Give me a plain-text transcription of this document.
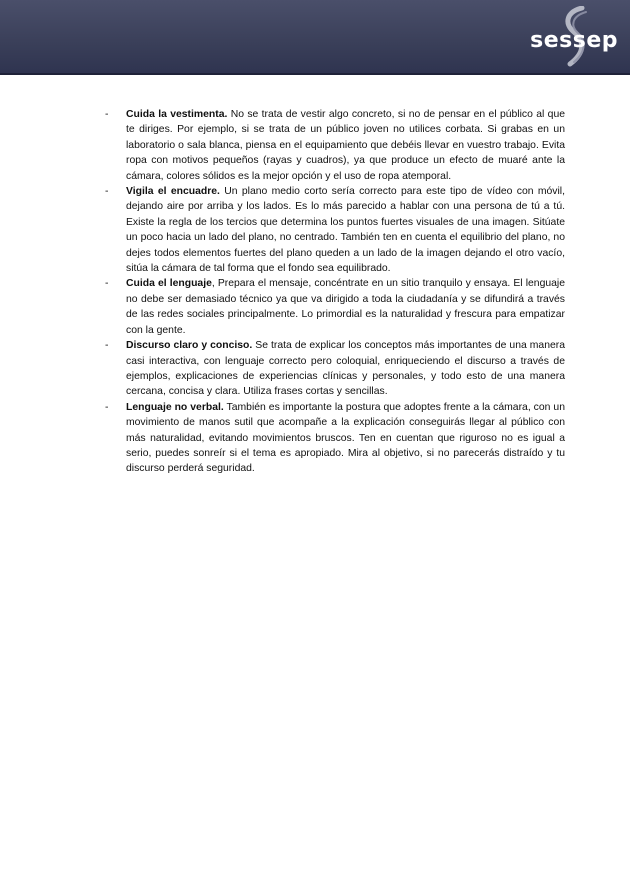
sessep
- Cuida la vestimenta. No se trata de vestir algo concreto, si no de pensar en el público al que te diriges. Por ejemplo, si se trata de un público joven no utilices corbata. Si grabas en un laboratorio o sala blanca, piensa en el equipamiento que debéis llevar en vuestro trabajo. Evita ropa con motivos pequeños (rayas y cuadros), ya que produce un efecto de muaré ante la cámara, colores sólidos es la mejor opción y el uso de ropa atemporal.
- Vigila el encuadre. Un plano medio corto sería correcto para este tipo de vídeo con móvil, dejando aire por arriba y los lados. Es lo más parecido a hablar con una persona de tú a tú. Existe la regla de los tercios que determina los puntos fuertes visuales de una imagen. Sitúate un poco hacia un lado del plano, no centrado. También ten en cuenta el equilibrio del plano, no dejes todos elementos fuertes del plano queden a un lado de la imagen dejando el otro vacío, sitúa la cámara de tal forma que el fondo sea equilibrado.
- Cuida el lenguaje, Prepara el mensaje, concéntrate en un sitio tranquilo y ensaya. El lenguaje no debe ser demasiado técnico ya que va dirigido a toda la ciudadanía y se difundirá a través de las redes sociales principalmente. Lo primordial es la naturalidad y frescura para empatizar con la gente.
- Discurso claro y conciso. Se trata de explicar los conceptos más importantes de una manera casi interactiva, con lenguaje correcto pero coloquial, enriqueciendo el discurso a través de ejemplos, explicaciones de experiencias clínicas y personales, y todo esto de una manera cercana, concisa y clara. Utiliza frases cortas y sencillas.
- Lenguaje no verbal. También es importante la postura que adoptes frente a la cámara, con un movimiento de manos sutil que acompañe a la explicación conseguirás llegar al público con más naturalidad, evitando movimientos bruscos. Ten en cuentan que riguroso no es igual a serio, puedes sonreír si el tema es apropiado. Mira al objetivo, si no parecerás distraído y tu discurso perderá seguridad.
